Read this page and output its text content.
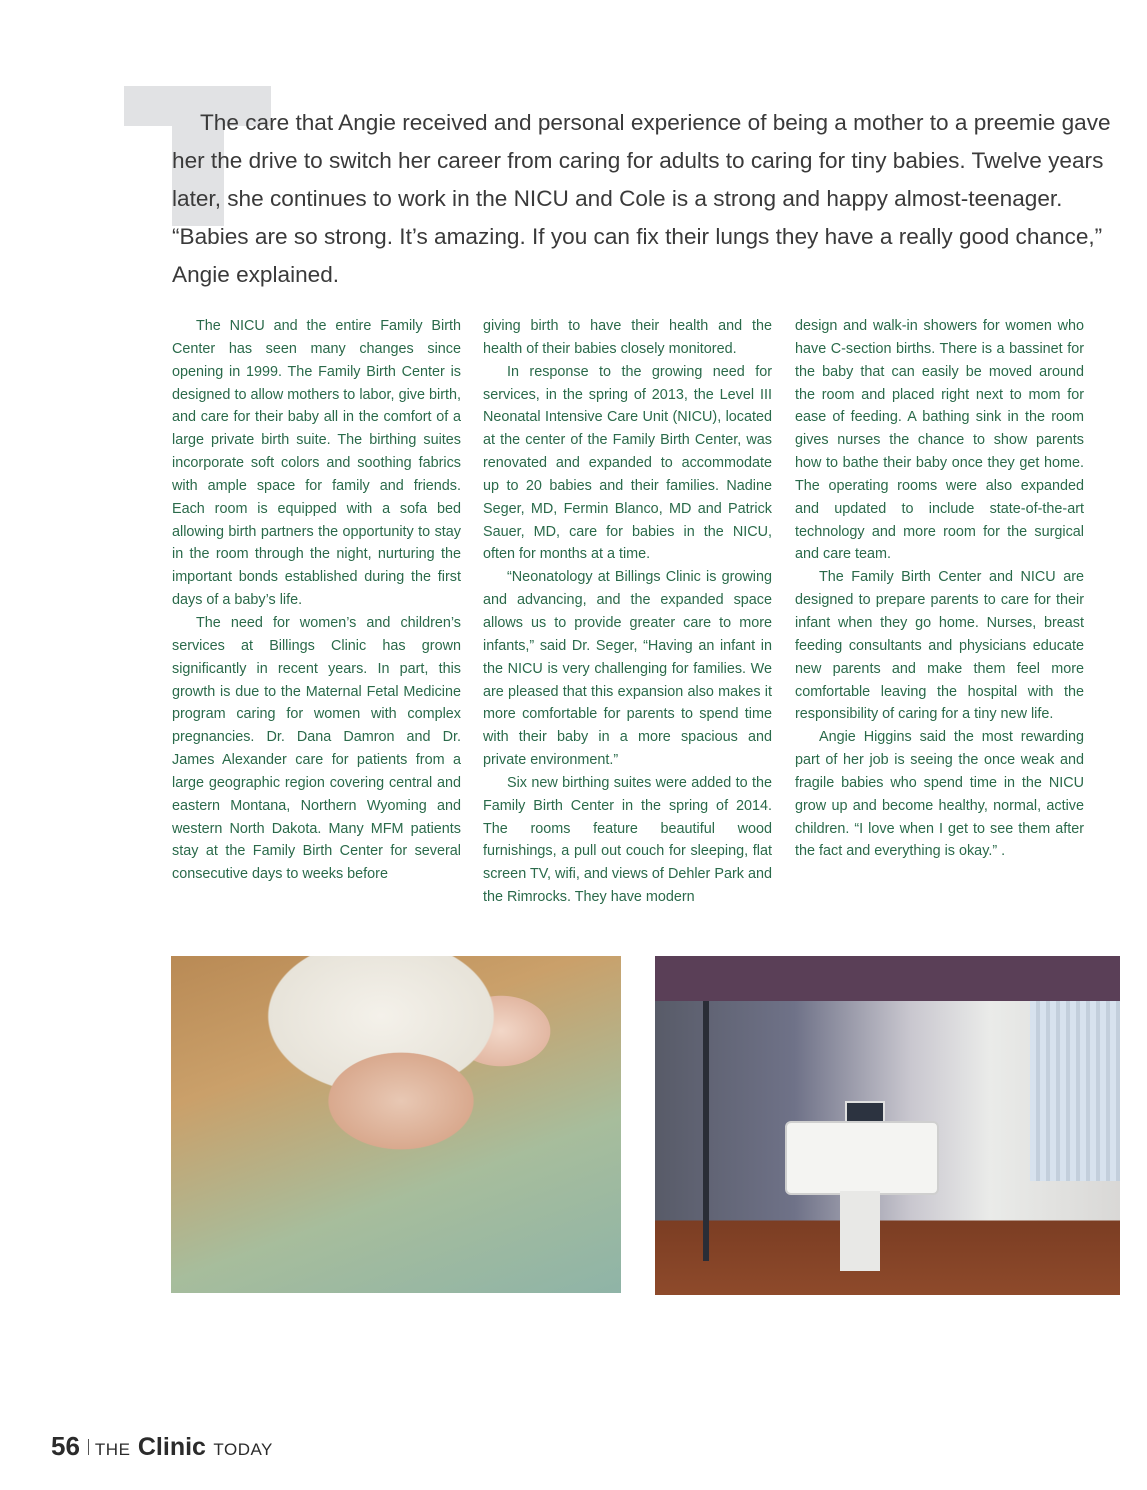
The care that Angie received and personal experience of being a mother to a preemie gave
her the drive to switch her career from caring for adults to caring for tiny babies. Twelve years
later, she continues to work in the NICU and Cole is a strong and happy almost-teenager.
“Babies are so strong. It’s amazing. If you can fix their lungs they have a really good chance,”
Angie explained.

The NICU and the entire Family Birth Center has seen many changes since opening in 1999. The Family Birth Center is designed to allow mothers to labor, give birth, and care for their baby all in the comfort of a large private birth suite. The birthing suites incorporate soft colors and soothing fabrics with ample space for family and friends. Each room is equipped with a sofa bed allowing birth partners the opportunity to stay in the room through the night, nurturing the important bonds established during the first days of a baby’s life.

The need for women’s and children’s services at Billings Clinic has grown significantly in recent years. In part, this growth is due to the Maternal Fetal Medicine program caring for women with complex pregnancies. Dr. Dana Damron and Dr. James Alexander care for patients from a large geographic region covering central and eastern Montana, Northern Wyoming and western North Dakota. Many MFM patients stay at the Family Birth Center for several consecutive days to weeks before

giving birth to have their health and the health of their babies closely monitored.

In response to the growing need for services, in the spring of 2013, the Level III Neonatal Intensive Care Unit (NICU), located at the center of the Family Birth Center, was renovated and expanded to accommodate up to 20 babies and their families. Nadine Seger, MD, Fermin Blanco, MD and Patrick Sauer, MD, care for babies in the NICU, often for months at a time.

“Neonatology at Billings Clinic is growing and advancing, and the expanded space allows us to provide greater care to more infants,” said Dr. Seger, “Having an infant in the NICU is very challenging for families. We are pleased that this expansion also makes it more comfortable for parents to spend time with their baby in a more spacious and private environment.”

Six new birthing suites were added to the Family Birth Center in the spring of 2014. The rooms feature beautiful wood furnishings, a pull out couch for sleeping, flat screen TV, wifi, and views of Dehler Park and the Rimrocks. They have modern

design and walk-in showers for women who have C-section births. There is a bassinet for the baby that can easily be moved around the room and placed right next to mom for ease of feeding. A bathing sink in the room gives nurses the chance to show parents how to bathe their baby once they get home. The operating rooms were also expanded and updated to include state-of-the-art technology and more room for the surgical and care team.

The Family Birth Center and NICU are designed to prepare parents to care for their infant when they go home. Nurses, breast feeding consultants and physicians educate new parents and make them feel more comfortable leaving the hospital with the responsibility of caring for a tiny new life.

Angie Higgins said the most rewarding part of her job is seeing the once weak and fragile babies who spend time in the NICU grow up and become healthy, normal, active children. “I love when I get to see them after the fact and everything is okay.” .

56 THE Clinic TODAY
